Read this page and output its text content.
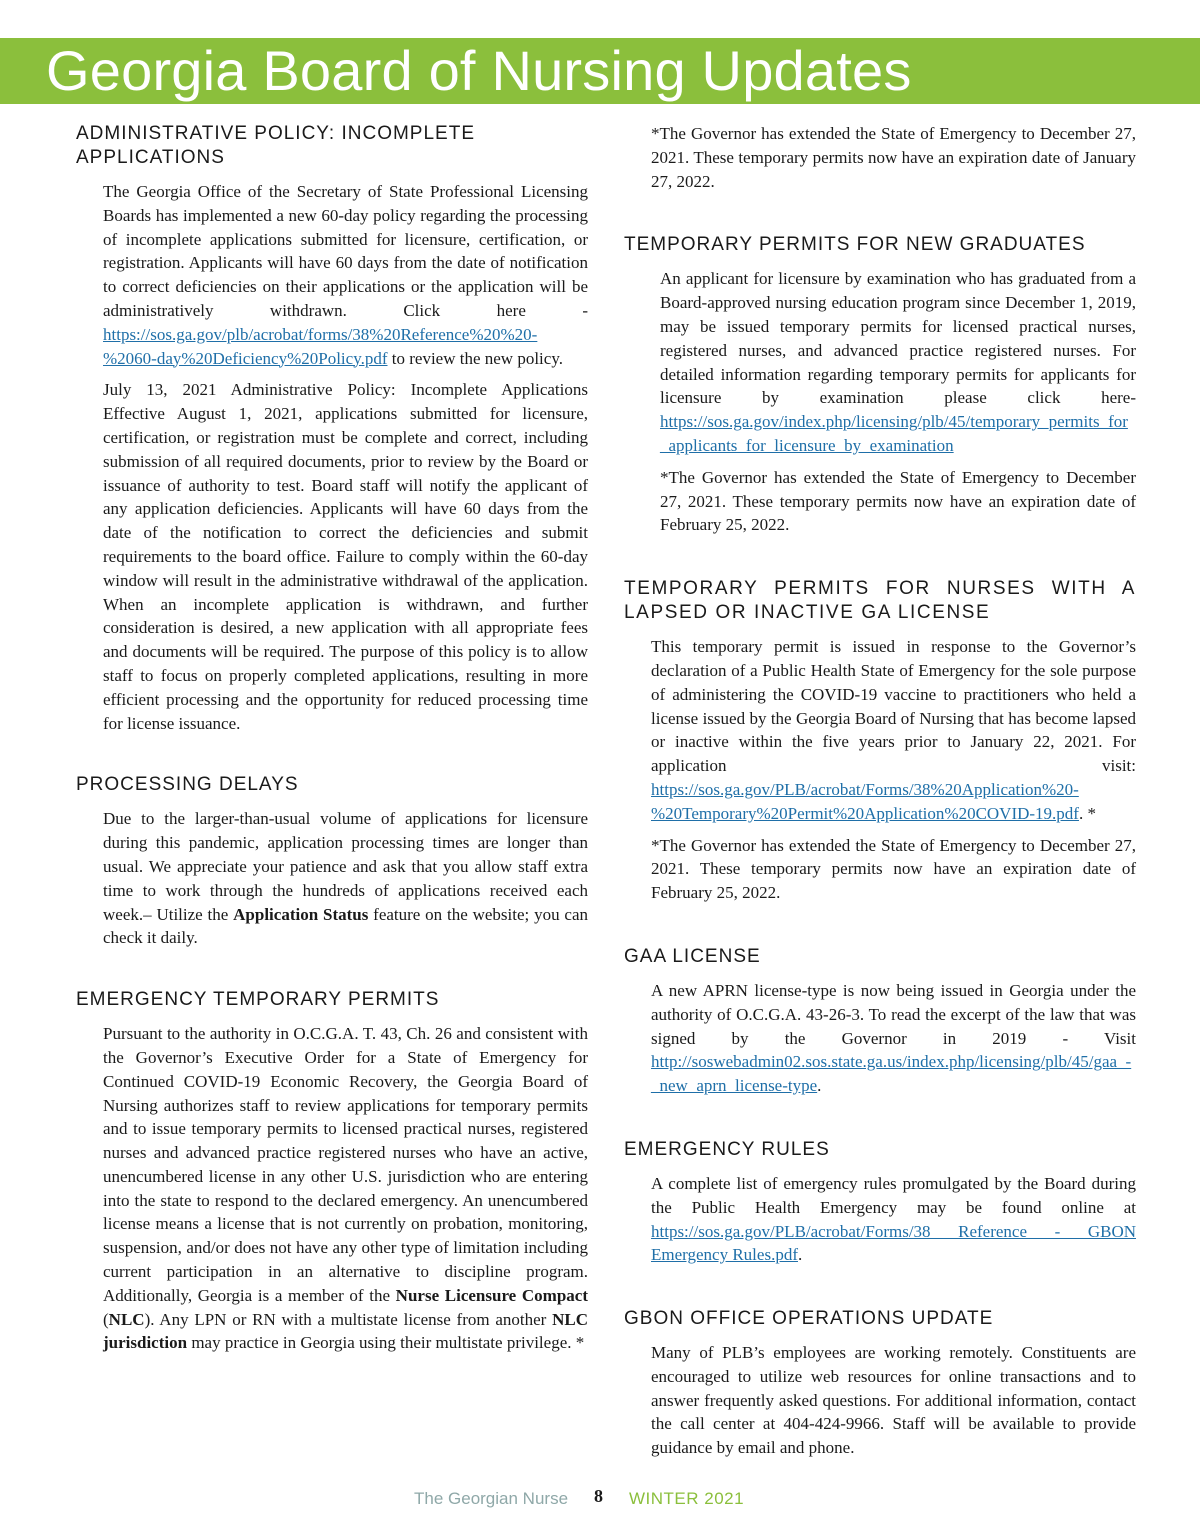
Georgia Board of Nursing Updates
ADMINISTRATIVE POLICY: INCOMPLETE APPLICATIONS

The Georgia Office of the Secretary of State Professional Licensing Boards has implemented a new 60-day policy regarding the processing of incomplete applications submitted for licensure, certification, or registration. Applicants will have 60 days from the date of notification to correct deficiencies on their applications or the application will be administratively withdrawn. Click here -https://sos.ga.gov/plb/acrobat/forms/38%20Reference%20%20-%2060-day%20Deficiency%20Policy.pdf to review the new policy.

July 13, 2021 Administrative Policy: Incomplete Applications Effective August 1, 2021, applications submitted for licensure, certification, or registration must be complete and correct, including submission of all required documents, prior to review by the Board or issuance of authority to test. Board staff will notify the applicant of any application deficiencies. Applicants will have 60 days from the date of the notification to correct the deficiencies and submit requirements to the board office. Failure to comply within the 60-day window will result in the administrative withdrawal of the application. When an incomplete application is withdrawn, and further consideration is desired, a new application with all appropriate fees and documents will be required. The purpose of this policy is to allow staff to focus on properly completed applications, resulting in more efficient processing and the opportunity for reduced processing time for license issuance.

PROCESSING DELAYS

Due to the larger-than-usual volume of applications for licensure during this pandemic, application processing times are longer than usual. We appreciate your patience and ask that you allow staff extra time to work through the hundreds of applications received each week.– Utilize the Application Status feature on the website; you can check it daily.

EMERGENCY TEMPORARY PERMITS

Pursuant to the authority in O.C.G.A. T. 43, Ch. 26 and consistent with the Governor’s Executive Order for a State of Emergency for Continued COVID-19 Economic Recovery, the Georgia Board of Nursing authorizes staff to review applications for temporary permits and to issue temporary permits to licensed practical nurses, registered nurses and advanced practice registered nurses who have an active, unencumbered license in any other U.S. jurisdiction who are entering into the state to respond to the declared emergency. An unencumbered license means a license that is not currently on probation, monitoring, suspension, and/or does not have any other type of limitation including current participation in an alternative to discipline program. Additionally, Georgia is a member of the Nurse Licensure Compact (NLC). Any LPN or RN with a multistate license from another NLC jurisdiction may practice in Georgia using their multistate privilege. *

*The Governor has extended the State of Emergency to December 27, 2021. These temporary permits now have an expiration date of January 27, 2022.

TEMPORARY PERMITS FOR NEW GRADUATES

An applicant for licensure by examination who has graduated from a Board-approved nursing education program since December 1, 2019, may be issued temporary permits for licensed practical nurses, registered nurses, and advanced practice registered nurses. For detailed information regarding temporary permits for applicants for licensure by examination please click here- https://sos.ga.gov/index.php/licensing/plb/45/temporary_permits_for_applicants_for_licensure_by_examination

*The Governor has extended the State of Emergency to December 27, 2021. These temporary permits now have an expiration date of February 25, 2022.

TEMPORARY PERMITS FOR NURSES WITH A LAPSED OR INACTIVE GA LICENSE

This temporary permit is issued in response to the Governor’s declaration of a Public Health State of Emergency for the sole purpose of administering the COVID-19 vaccine to practitioners who held a license issued by the Georgia Board of Nursing that has become lapsed or inactive within the five years prior to January 22, 2021. For application visit: https://sos.ga.gov/PLB/acrobat/Forms/38%20Application%20-%20Temporary%20Permit%20Application%20COVID-19.pdf. *

*The Governor has extended the State of Emergency to December 27, 2021. These temporary permits now have an expiration date of February 25, 2022.

GAA LICENSE

A new APRN license-type is now being issued in Georgia under the authority of O.C.G.A. 43-26-3. To read the excerpt of the law that was signed by the Governor in 2019 - Visit http://soswebadmin02.sos.state.ga.us/index.php/licensing/plb/45/gaa_-_new_aprn_license-type.

EMERGENCY RULES

A complete list of emergency rules promulgated by the Board during the Public Health Emergency may be found online at https://sos.ga.gov/PLB/acrobat/Forms/38 Reference - GBON Emergency Rules.pdf.

GBON OFFICE OPERATIONS UPDATE

Many of PLB’s employees are working remotely. Constituents are encouraged to utilize web resources for online transactions and to answer frequently asked questions. For additional information, contact the call center at 404-424-9966. Staff will be available to provide guidance by email and phone.

The Georgian Nurse 8 WINTER 2021
